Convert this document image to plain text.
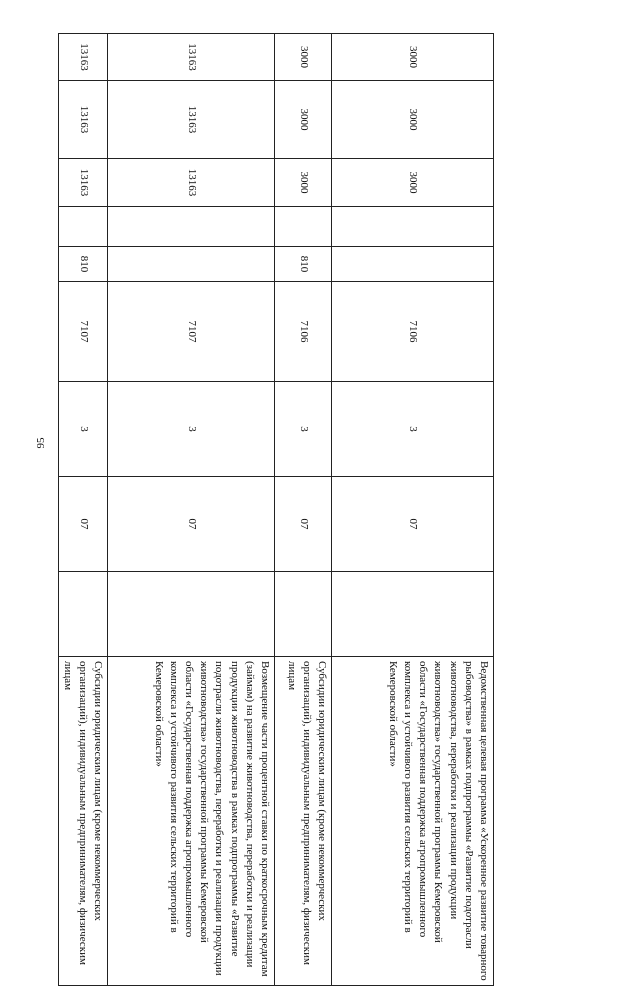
95
3000	3000	3000			7106	3	07		Ведомственная целевая программа «Ускоренное развитие товарного рыбоводства» в рамках подпрограммы «Развитие подотрасли животноводства, переработки и реализации продукции животноводства» государственной программы Кемеровской области «Государственная поддержка агропромышленного комплекса и устойчивого развития сельских территорий в Кемеровской области»
3000	3000	3000		810	7106	3	07		Субсидии юридическим лицам (кроме некоммерческих организаций), индивидуальным предпринимателям, физическим лицам
13163	13163	13163			7107	3	07		Возмещение части процентной ставки по краткосрочным кредитам (займам) на развитие животноводства, переработки и реализации продукции животноводства в рамках подпрограммы «Развитие подотрасли животноводства, переработки и реализации продукции животноводства» государственной программы Кемеровской области «Государственная поддержка агропромышленного комплекса и устойчивого развития сельских территорий в Кемеровской области»
13163	13163	13163		810	7107	3	07		Субсидии юридическим лицам (кроме некоммерческих организаций), индивидуальным предпринимателям, физическим лицам
